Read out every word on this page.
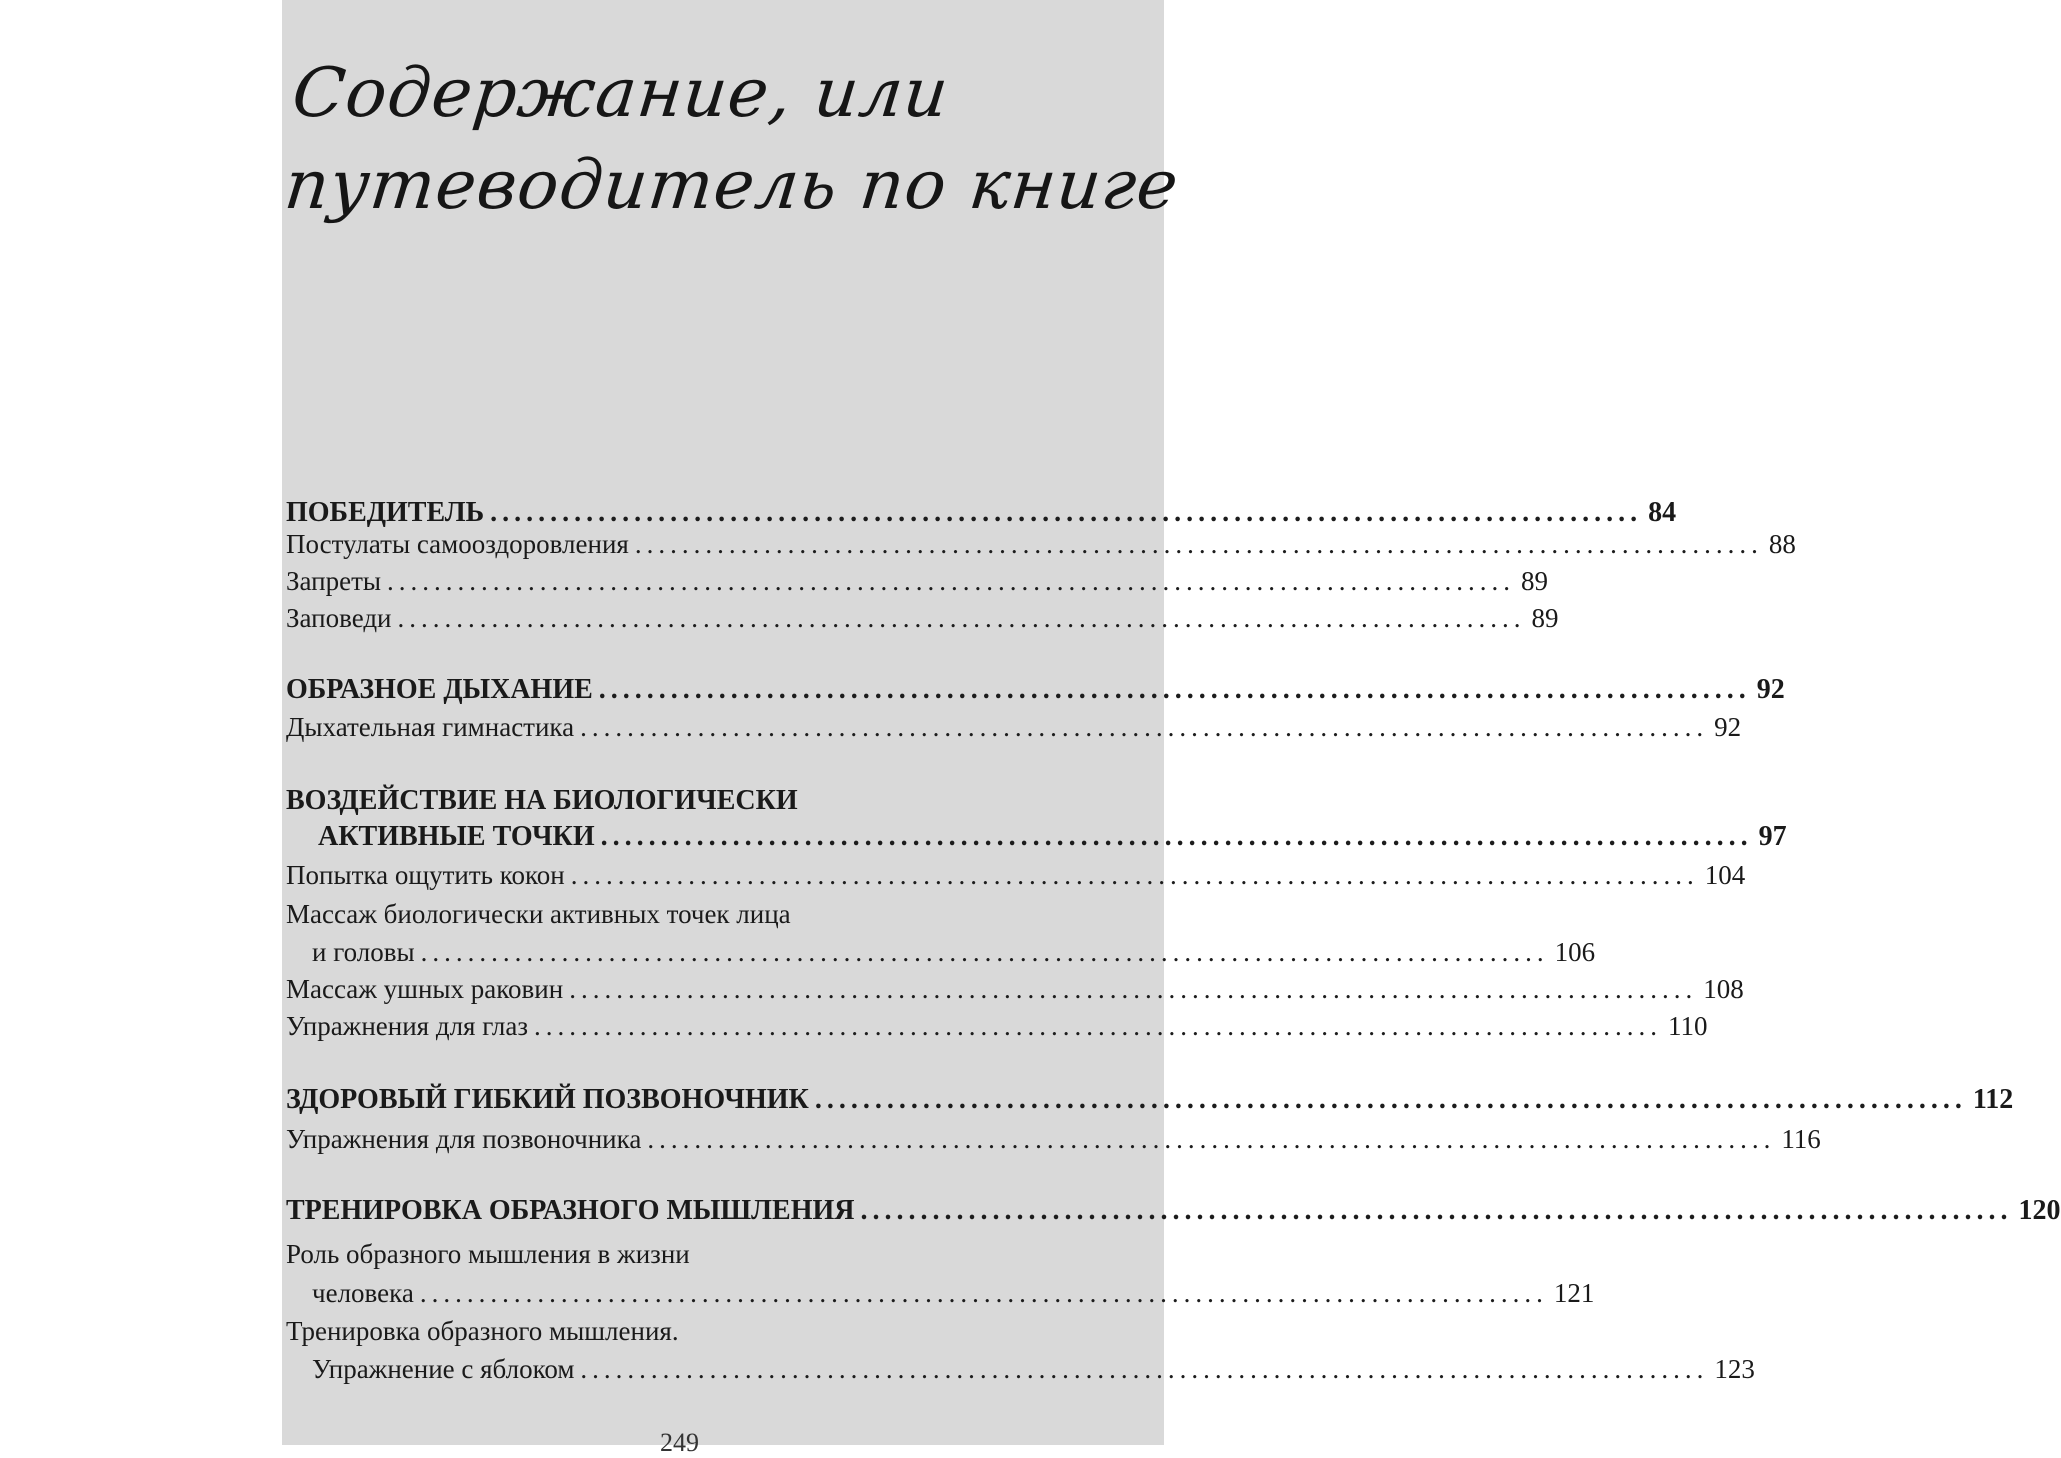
Содержание, или
путеводитель по книге
ПОБЕДИТЕЛЬ ................................................................................................ 84
Постулаты самооздоровления ................................................................................................ 88
Запреты ................................................................................................ 89
Заповеди ................................................................................................ 89
ОБРАЗНОЕ ДЫХАНИЕ ................................................................................................ 92
Дыхательная гимнастика ................................................................................................ 92
ВОЗДЕЙСТВИЕ НА БИОЛОГИЧЕСКИ
АКТИВНЫЕ ТОЧКИ ................................................................................................ 97
Попытка ощутить кокон ................................................................................................ 104
Массаж биологически активных точек лица
и головы ................................................................................................ 106
Массаж ушных раковин ................................................................................................ 108
Упражнения для глаз ................................................................................................ 110
ЗДОРОВЫЙ ГИБКИЙ ПОЗВОНОЧНИК ................................................................................................ 112
Упражнения для позвоночника ................................................................................................ 116
ТРЕНИРОВКА ОБРАЗНОГО МЫШЛЕНИЯ ................................................................................................ 120
Роль образного мышления в жизни
человека ................................................................................................ 121
Тренировка образного мышления.
Упражнение с яблоком ................................................................................................ 123
249
